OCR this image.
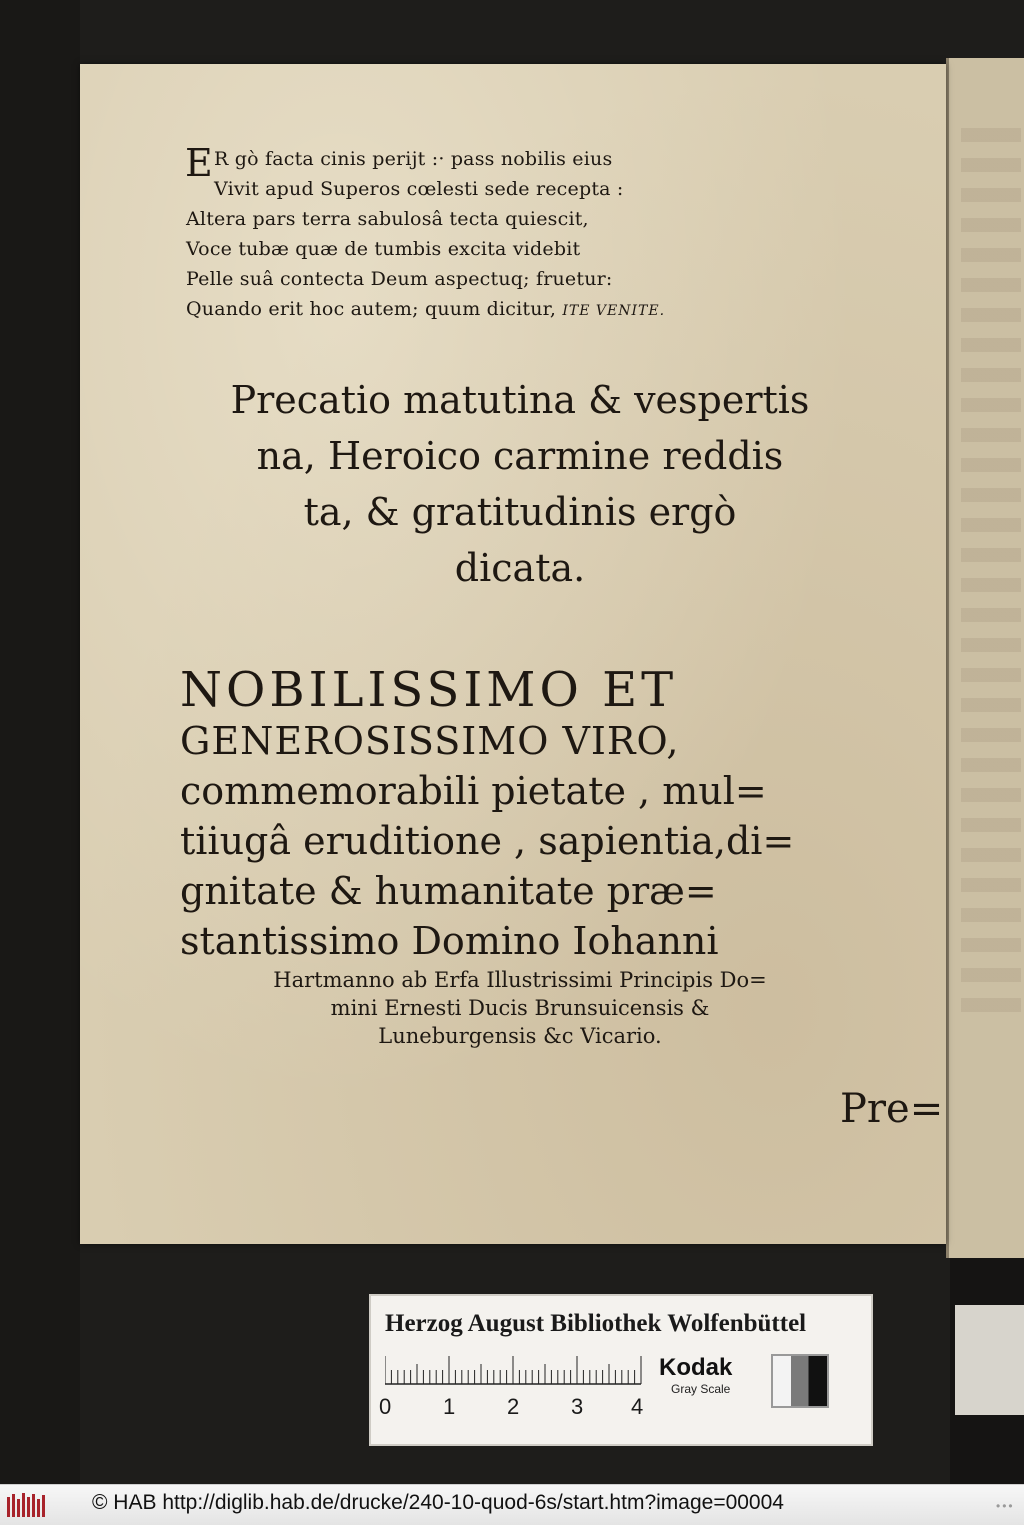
E R gò facta cinis perijt :· pass nobilis eius
Vivit apud Superos cœlesti sede recepta :
Altera pars terra sabulosâ tecta quiescit,
Voce tubæ quæ de tumbis excita videbit
Pelle suâ contecta Deum aspectuq; fruetur:
Quando erit hoc autem; quum dicitur, ITE VENITE.
Precatio matutina & vespertis
na, Heroico carmine reddis
ta, & gratitudinis ergò
dicata.
NOBILISSIMO ET
GENEROSISSIMO VIRO,
commemorabili pietate , mul=
tiiugâ eruditione , sapientia,di=
gnitate & humanitate præ=
stantissimo Domino Iohanni
Hartmanno ab Erfa Illustrissimi Principis Do=
mini Ernesti Ducis Brunsuicensis &
Luneburgensis &c Vicario.
Pre=
Herzog August Bibliothek Wolfenbüttel
0 1 2 3 4
Kodak
Gray Scale
© HAB http://diglib.hab.de/drucke/240-10-quod-6s/start.htm?image=00004	•••
